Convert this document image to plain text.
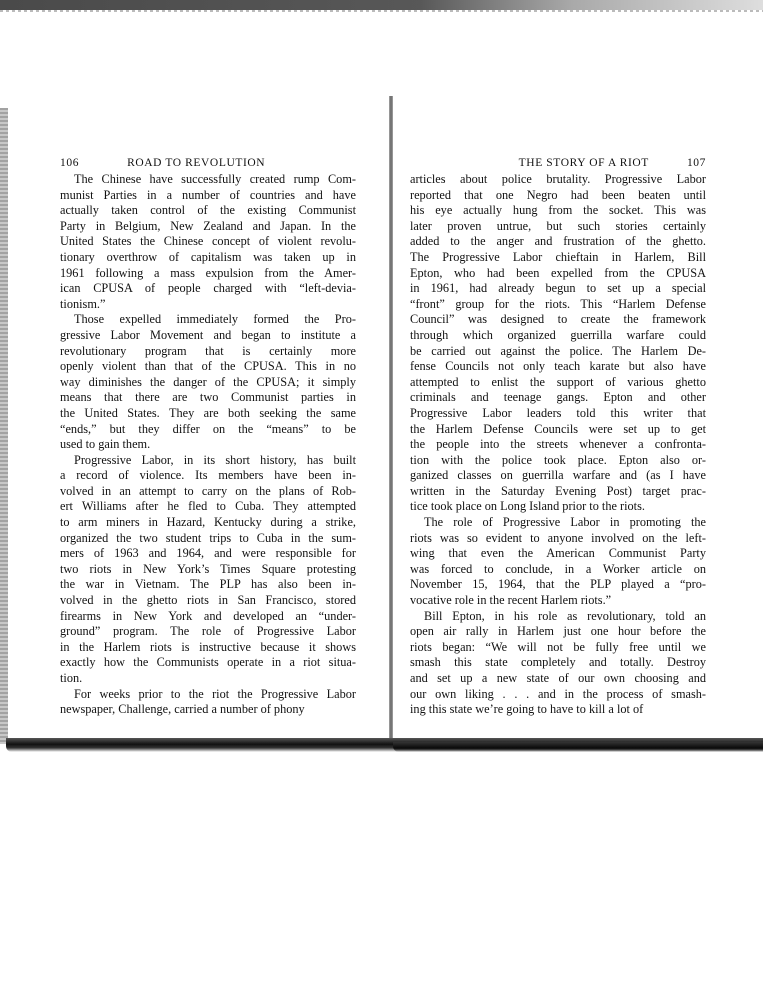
106	ROAD TO REVOLUTION
The Chinese have successfully created rump Com-
munist Parties in a number of countries and have
actually taken control of the existing Communist
Party in Belgium, New Zealand and Japan. In the
United States the Chinese concept of violent revolu-
tionary overthrow of capitalism was taken up in
1961 following a mass expulsion from the Amer-
ican CPUSA of people charged with “left-devia-
tionism.”
Those expelled immediately formed the Pro-
gressive Labor Movement and began to institute a
revolutionary program that is certainly more
openly violent than that of the CPUSA. This in no
way diminishes the danger of the CPUSA; it simply
means that there are two Communist parties in
the United States. They are both seeking the same
“ends,” but they differ on the “means” to be
used to gain them.
Progressive Labor, in its short history, has built
a record of violence. Its members have been in-
volved in an attempt to carry on the plans of Rob-
ert Williams after he fled to Cuba. They attempted
to arm miners in Hazard, Kentucky during a strike,
organized the two student trips to Cuba in the sum-
mers of 1963 and 1964, and were responsible for
two riots in New York’s Times Square protesting
the war in Vietnam. The PLP has also been in-
volved in the ghetto riots in San Francisco, stored
firearms in New York and developed an “under-
ground” program. The role of Progressive Labor
in the Harlem riots is instructive because it shows
exactly how the Communists operate in a riot situa-
tion.
For weeks prior to the riot the Progressive Labor
newspaper, Challenge, carried a number of phony
THE STORY OF A RIOT	107
articles about police brutality. Progressive Labor
reported that one Negro had been beaten until
his eye actually hung from the socket. This was
later proven untrue, but such stories certainly
added to the anger and frustration of the ghetto.
The Progressive Labor chieftain in Harlem, Bill
Epton, who had been expelled from the CPUSA
in 1961, had already begun to set up a special
“front” group for the riots. This “Harlem Defense
Council” was designed to create the framework
through which organized guerrilla warfare could
be carried out against the police. The Harlem De-
fense Councils not only teach karate but also have
attempted to enlist the support of various ghetto
criminals and teenage gangs. Epton and other
Progressive Labor leaders told this writer that
the Harlem Defense Councils were set up to get
the people into the streets whenever a confronta-
tion with the police took place. Epton also or-
ganized classes on guerrilla warfare and (as I have
written in the Saturday Evening Post) target prac-
tice took place on Long Island prior to the riots.
The role of Progressive Labor in promoting the
riots was so evident to anyone involved on the left-
wing that even the American Communist Party
was forced to conclude, in a Worker article on
November 15, 1964, that the PLP played a “pro-
vocative role in the recent Harlem riots.”
Bill Epton, in his role as revolutionary, told an
open air rally in Harlem just one hour before the
riots began: “We will not be fully free until we
smash this state completely and totally. Destroy
and set up a new state of our own choosing and
our own liking . . . and in the process of smash-
ing this state we’re going to have to kill a lot of
